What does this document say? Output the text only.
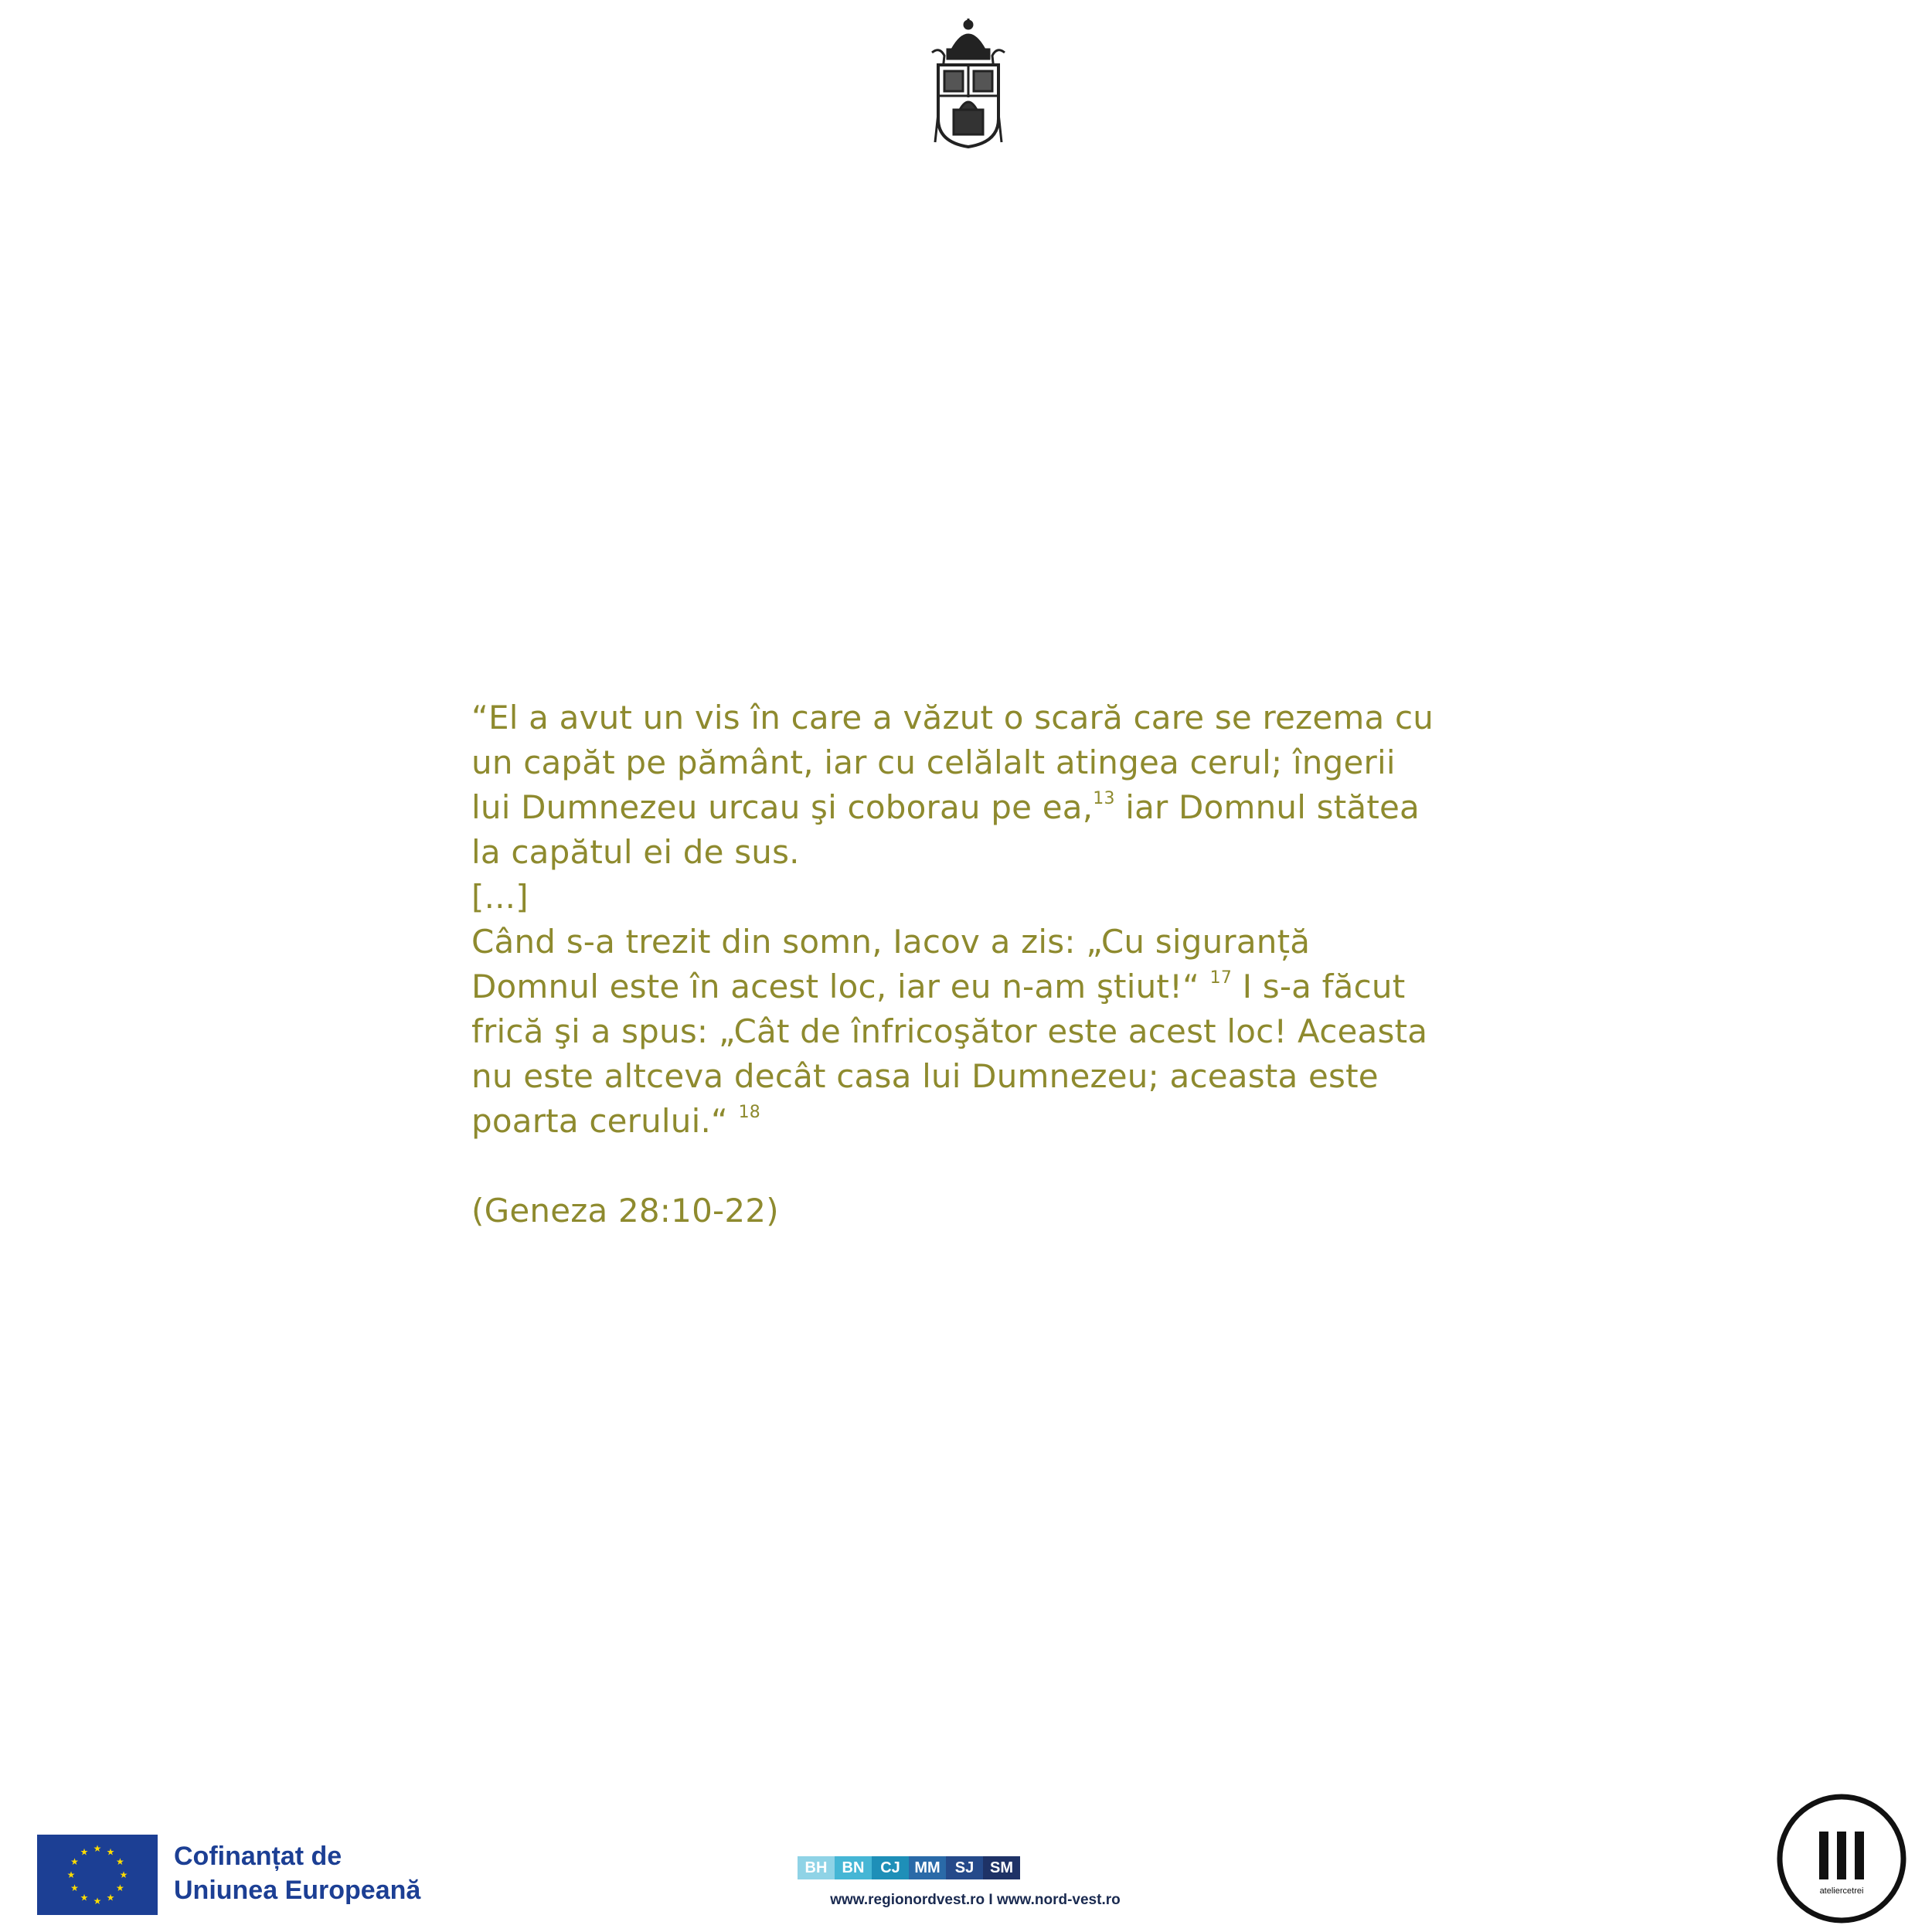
“El a avut un vis în care a văzut o scară care se rezema cu
un capăt pe pământ, iar cu celălalt atingea cerul; îngerii
lui Dumnezeu urcau şi coborau pe ea,$^{13}$ iar Domnul stătea
la capătul ei de sus.
[...]
Când s-a trezit din somn, Iacov a zis: „Cu siguranță
Domnul este în acest loc, iar eu n-am ştiut!“ $^{17}$ I s-a făcut
frică şi a spus: „Cât de înfricoşător este acest loc! Aceasta
nu este altceva decât casa lui Dumnezeu; aceasta este
poarta cerului.“ $^{18}$
(Geneza 28:10-22)
★
★
★
★
★
★
★
★
★ ★ ★
★ Cofinanțat de
Uniunea Europeană
BH BN	CJ MM SJ	SM
www.regionordvest.ro I www.nord-vest.ro
ateliercetrei
